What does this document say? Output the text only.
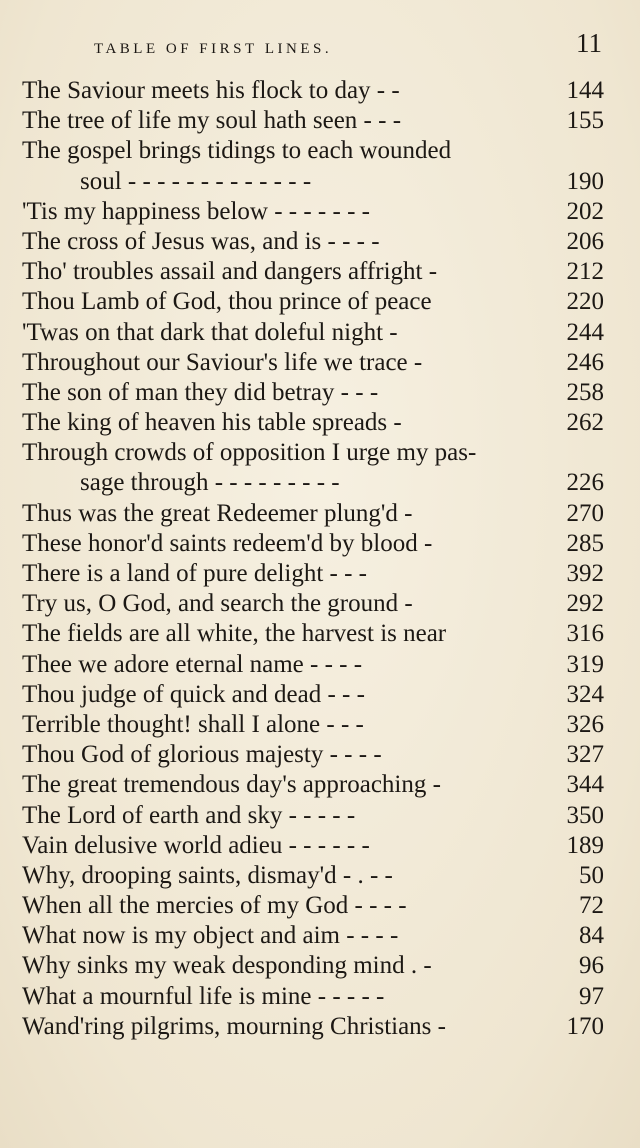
table of first lines.	11
The Saviour meets his flock to day - -	144
The tree of life my soul hath seen - - -	155
The gospel brings tidings to each wounded
soul - - - - - - - - - - - - -	190
'Tis my happiness below - - - - - - -	202
The cross of Jesus was, and is - - - -	206
Tho' troubles assail and dangers affright -	212
Thou Lamb of God, thou prince of peace	220
'Twas on that dark that doleful night -	244
Throughout our Saviour's life we trace -	246
The son of man they did betray - - -	258
The king of heaven his table spreads -	262
Through crowds of opposition I urge my pas-
sage through - - - - - - - - -	226
Thus was the great Redeemer plung'd -	270
These honor'd saints redeem'd by blood -	285
There is a land of pure delight - - -	392
Try us, O God, and search the ground -	292
The fields are all white, the harvest is near	316
Thee we adore eternal name - - - -	319
Thou judge of quick and dead - - -	324
Terrible thought! shall I alone - - -	326
Thou God of glorious majesty - - - -	327
The great tremendous day's approaching -	344
The Lord of earth and sky - - - - -	350
Vain delusive world adieu - - - - - -	189
Why, drooping saints, dismay'd - . - -	50
When all the mercies of my God - - - -	72
What now is my object and aim - - - -	84
Why sinks my weak desponding mind . -	96
What a mournful life is mine - - - - -	97
Wand'ring pilgrims, mourning Christians -	170
